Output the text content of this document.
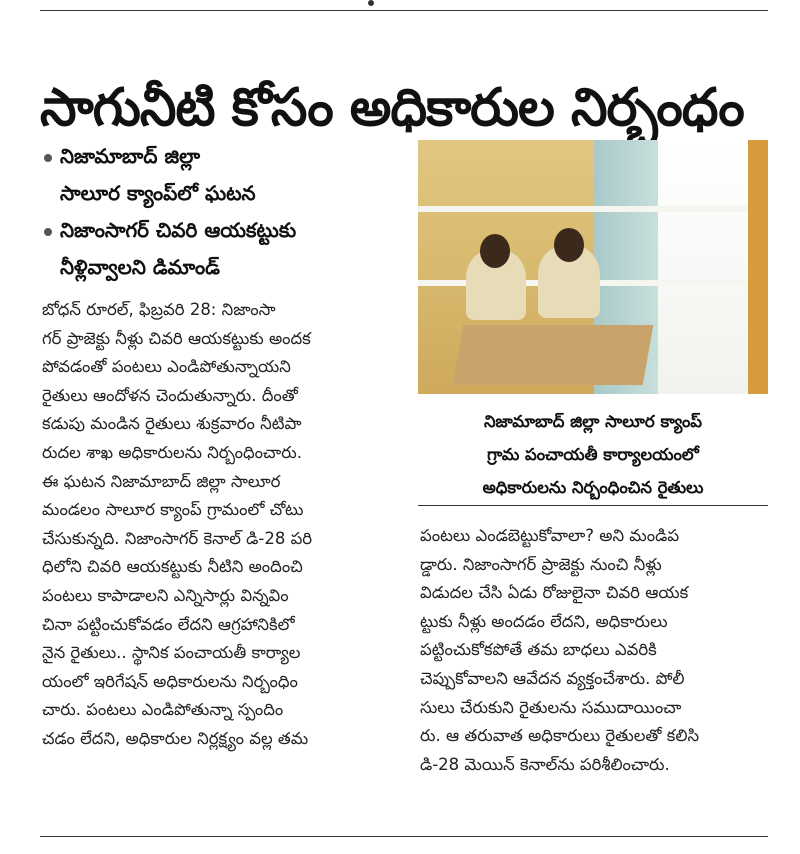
సాగునీటి కోసం అధికారుల నిర్బంధం
నిజామాబాద్ జిల్లా
సాలూర క్యాంప్‌లో ఘటన
నిజాంసాగర్ చివరి ఆయకట్టుకు
నీళ్లివ్వాలని డిమాండ్
బోధన్ రూరల్, ఫిబ్రవరి 28: నిజాంసా
గర్ ప్రాజెక్టు నీళ్లు చివరి ఆయకట్టుకు అందక
పోవడంతో పంటలు ఎండిపోతున్నాయని
రైతులు ఆందోళన చెందుతున్నారు. దీంతో
కడుపు మండిన రైతులు శుక్రవారం నీటిపా
రుదల శాఖ అధికారులను నిర్బంధించారు.
ఈ ఘటన నిజామాబాద్ జిల్లా సాలూర
మండలం సాలూర క్యాంప్ గ్రామంలో చోటు
చేసుకున్నది. నిజాంసాగర్ కెనాల్ డి-28 పరి
ధిలోని చివరి ఆయకట్టుకు నీటిని అందించి
పంటలు కాపాడాలని ఎన్నిసార్లు విన్నవిం
చినా పట్టించుకోవడం లేదని ఆగ్రహానికిలో
నైన రైతులు.. స్థానిక పంచాయతీ కార్యాల
యంలో ఇరిగేషన్ అధికారులను నిర్బంధిం
చారు. పంటలు ఎండిపోతున్నా స్పందిం
చడం లేదని, అధికారుల నిర్లక్ష్యం వల్ల తమ
నిజామాబాద్ జిల్లా సాలూర క్యాంప్
గ్రామ పంచాయతీ కార్యాలయంలో
అధికారులను నిర్బంధించిన రైతులు
పంటలు ఎండబెట్టుకోవాలా? అని మండిప
డ్డారు. నిజాంసాగర్ ప్రాజెక్టు నుంచి నీళ్లు
విడుదల చేసి ఏడు రోజులైనా చివరి ఆయక
ట్టుకు నీళ్లు అందడం లేదని, అధికారులు
పట్టించుకోకపోతే తమ బాధలు ఎవరికి
చెప్పుకోవాలని ఆవేదన వ్యక్తంచేశారు. పోలీ
సులు చేరుకుని రైతులను సముదాయించా
రు. ఆ తరువాత అధికారులు రైతులతో కలిసి
డి-28 మెయిన్ కెనాల్‌ను పరిశీలించారు.
